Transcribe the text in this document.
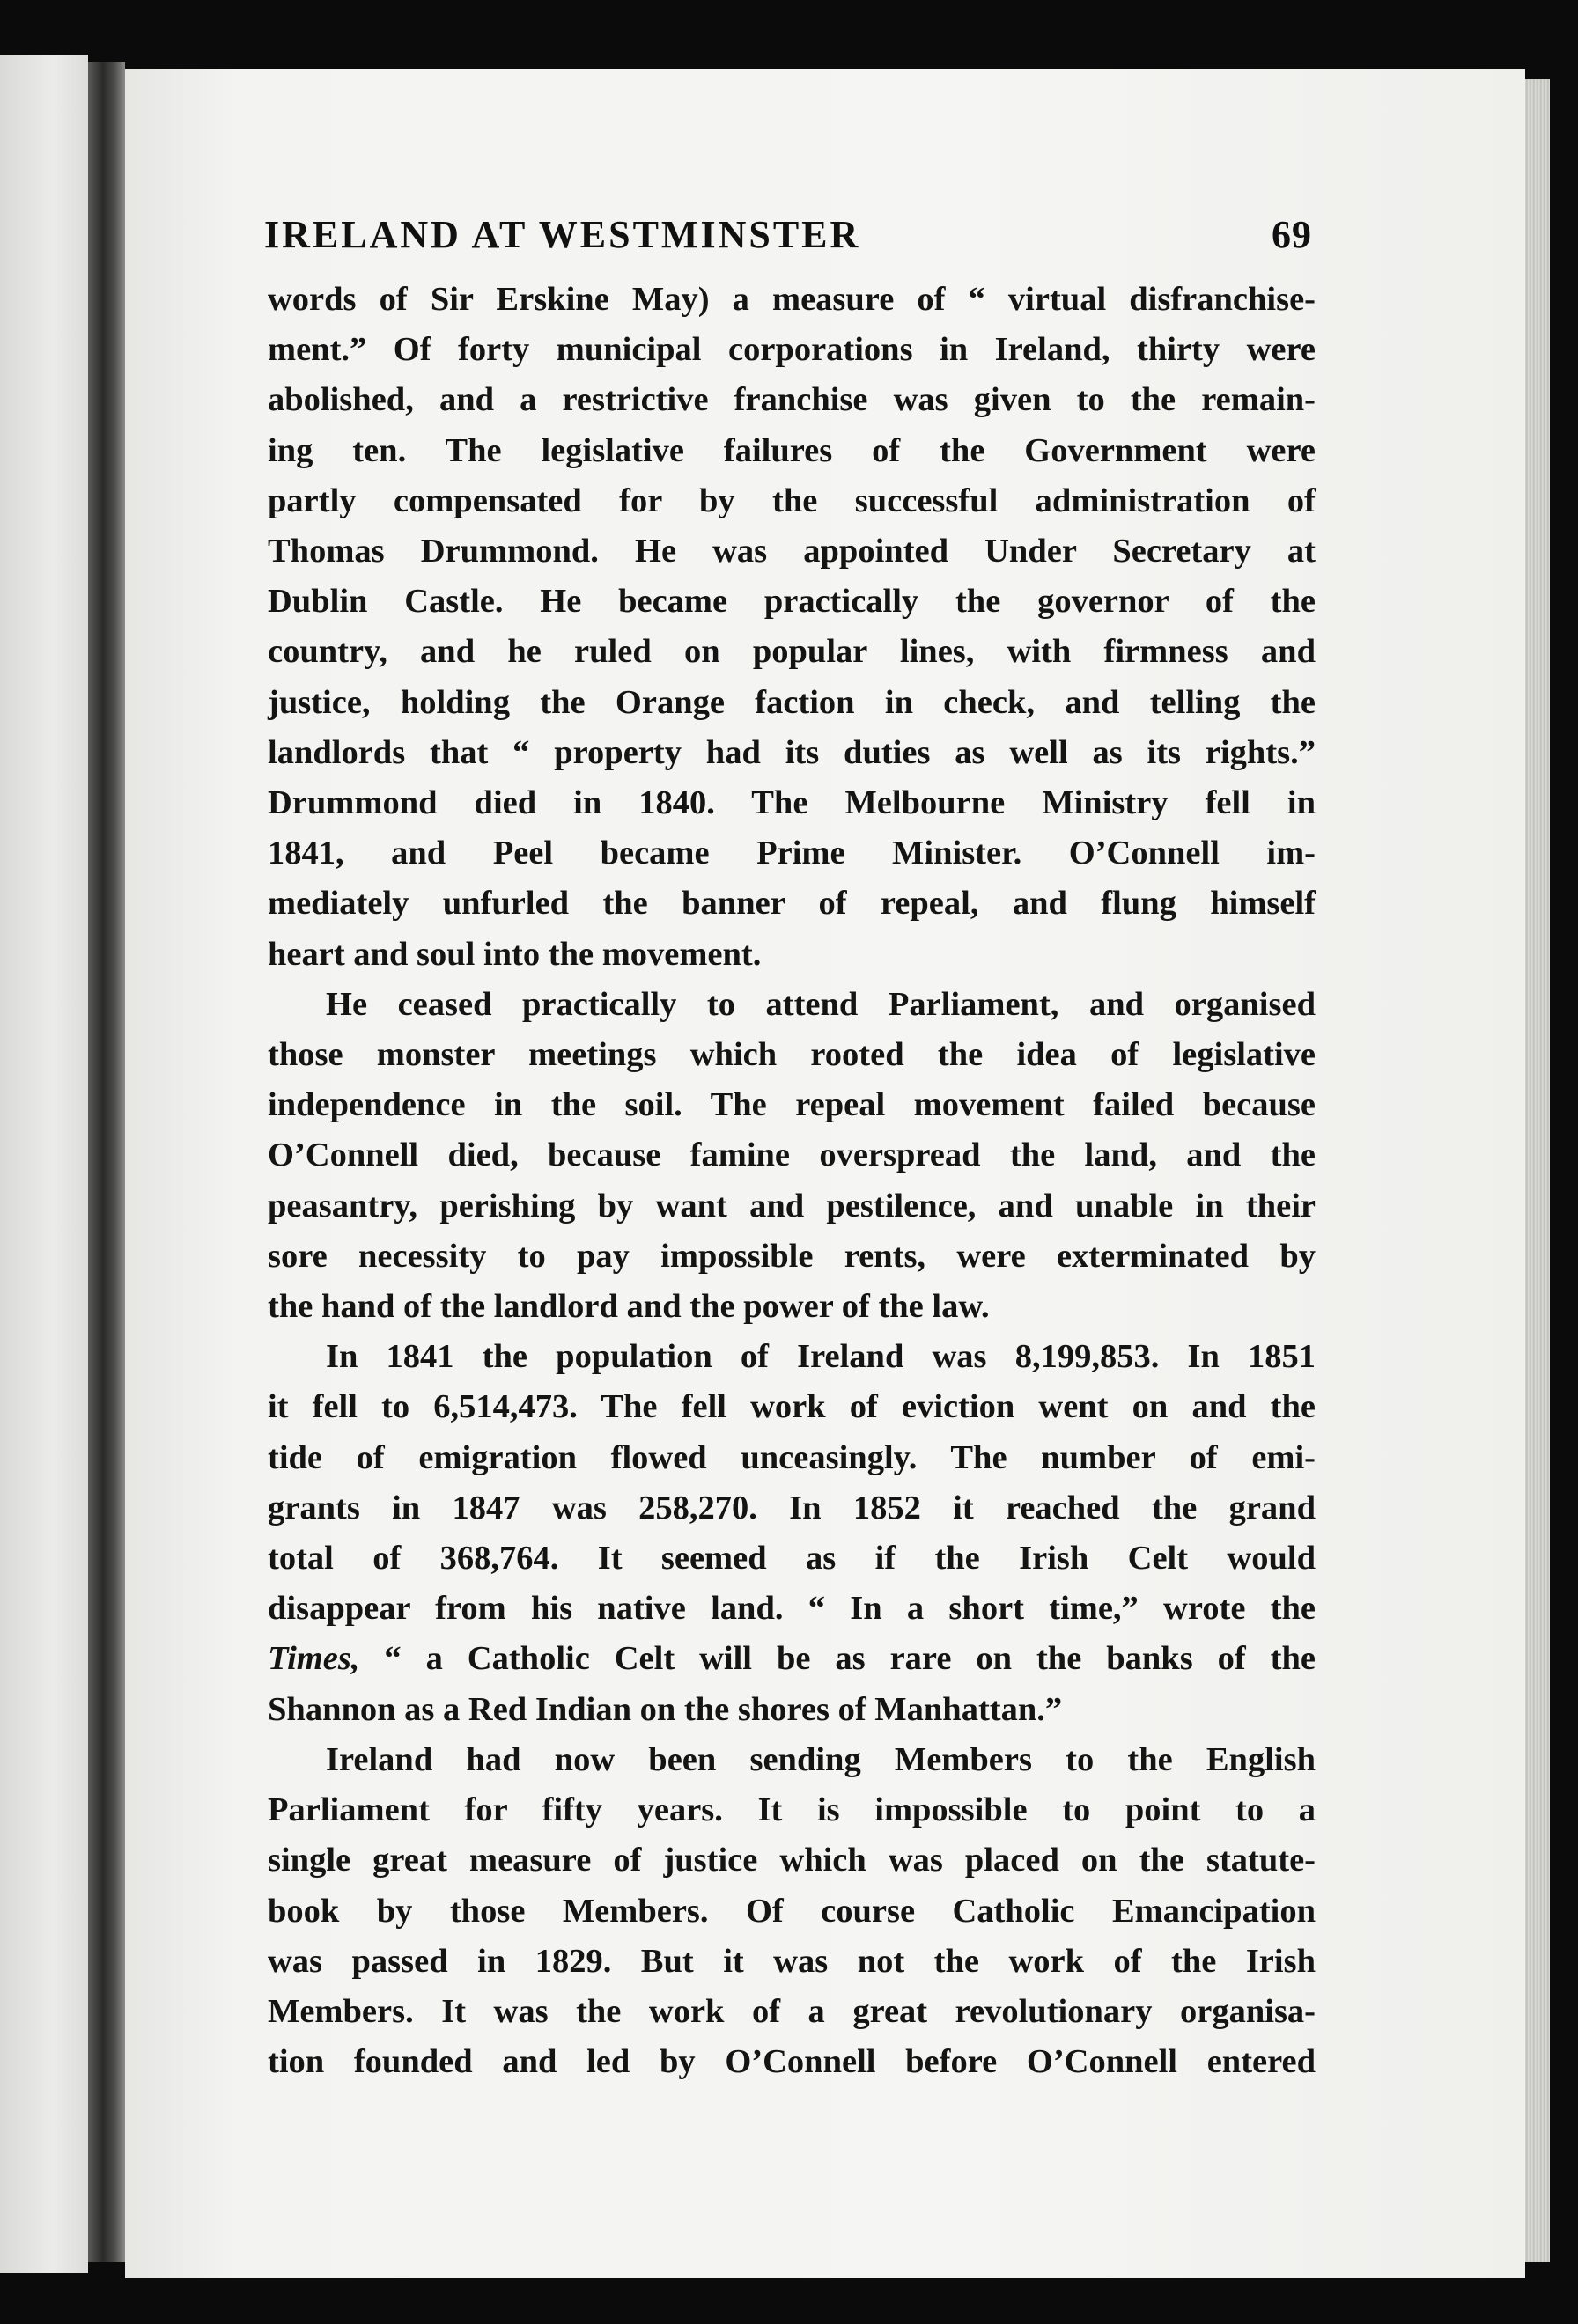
IRELAND AT WESTMINSTER	69
words of Sir Erskine May) a measure of “ virtual disfranchise-
ment.” Of forty municipal corporations in Ireland, thirty were
abolished, and a restrictive franchise was given to the remain-
ing ten. The legislative failures of the Government were
partly compensated for by the successful administration of
Thomas Drummond. He was appointed Under Secretary at
Dublin Castle. He became practically the governor of the
country, and he ruled on popular lines, with firmness and
justice, holding the Orange faction in check, and telling the
landlords that “ property had its duties as well as its rights.”
Drummond died in 1840. The Melbourne Ministry fell in
1841, and Peel became Prime Minister. O’Connell im-
mediately unfurled the banner of repeal, and flung himself
heart and soul into the movement.
He ceased practically to attend Parliament, and organised
those monster meetings which rooted the idea of legislative
independence in the soil. The repeal movement failed because
O’Connell died, because famine overspread the land, and the
peasantry, perishing by want and pestilence, and unable in their
sore necessity to pay impossible rents, were exterminated by
the hand of the landlord and the power of the law.
In 1841 the population of Ireland was 8,199,853. In 1851
it fell to 6,514,473. The fell work of eviction went on and the
tide of emigration flowed unceasingly. The number of emi-
grants in 1847 was 258,270. In 1852 it reached the grand
total of 368,764. It seemed as if the Irish Celt would
disappear from his native land. “ In a short time,” wrote the
Times, “ a Catholic Celt will be as rare on the banks of the
Shannon as a Red Indian on the shores of Manhattan.”
Ireland had now been sending Members to the English
Parliament for fifty years. It is impossible to point to a
single great measure of justice which was placed on the statute-
book by those Members. Of course Catholic Emancipation
was passed in 1829. But it was not the work of the Irish
Members. It was the work of a great revolutionary organisa-
tion founded and led by O’Connell before O’Connell entered
